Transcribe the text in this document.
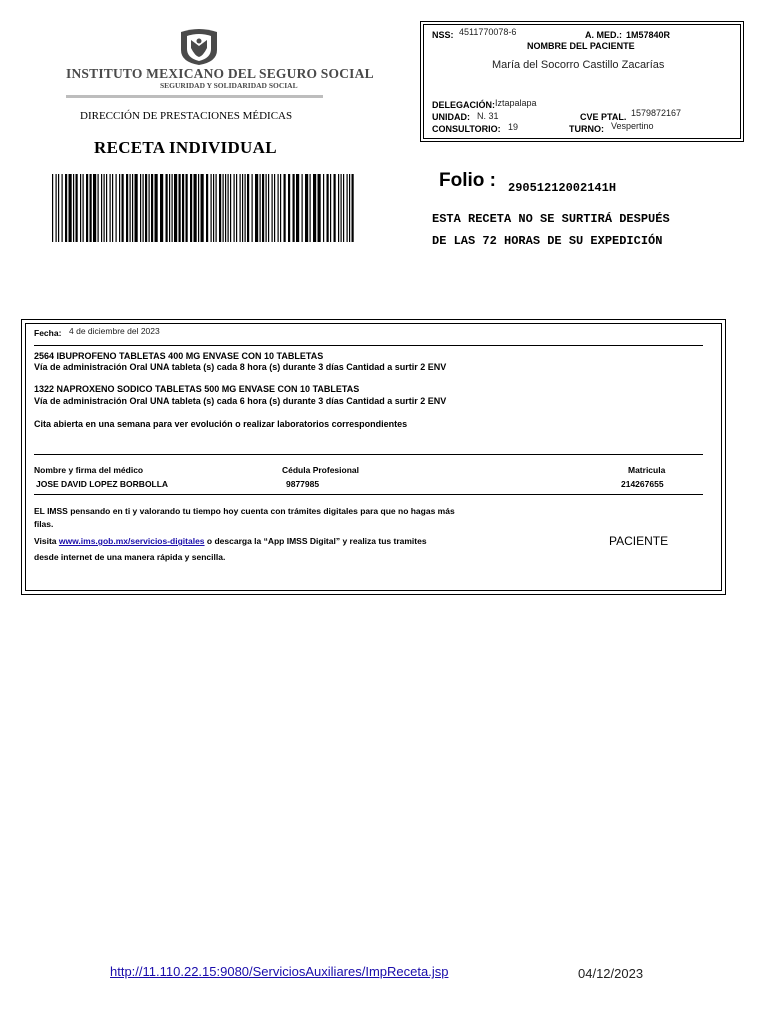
INSTITUTO MEXICANO DEL SEGURO SOCIAL
SEGURIDAD Y SOLIDARIDAD SOCIAL
DIRECCIÓN DE PRESTACIONES MÉDICAS
RECETA INDIVIDUAL
NSS: 4511770078-6	A. MED.: 1M57840R
NOMBRE DEL PACIENTE
María del Socorro Castillo Zacarías
DELEGACIÓN: Iztapalapa
UNIDAD: N. 31	CVE PTAL. 1579872167
CONSULTORIO: 19	TURNO: Vespertino
Folio : 29051212002141H
ESTA RECETA NO SE SURTIRÁ DESPUÉS
DE LAS 72 HORAS DE SU EXPEDICIÓN
Fecha: 4 de diciembre del 2023
2564 IBUPROFENO TABLETAS 400 MG ENVASE CON 10 TABLETAS
Vía de administración Oral UNA tableta (s) cada 8 hora (s) durante 3 días Cantidad a surtir 2 ENV
1322 NAPROXENO SODICO TABLETAS 500 MG ENVASE CON 10 TABLETAS
Vía de administración Oral UNA tableta (s) cada 6 hora (s) durante 3 días Cantidad a surtir 2 ENV
Cita abierta en una semana para ver evolución o realizar laboratorios correspondientes
Nombre y firma del médico	Cédula Profesional	Matricula
JOSE DAVID LOPEZ BORBOLLA	9877985	214267655
EL IMSS pensando en ti y valorando tu tiempo hoy cuenta con trámites digitales para que no hagas más
filas.
Visita www.ims.gob.mx/servicios-digitales o descarga la “App IMSS Digital” y realiza tus tramites
desde internet de una manera rápida y sencilla.
PACIENTE
http://11.110.22.15:9080/ServiciosAuxiliares/ImpReceta.jsp	04/12/2023
